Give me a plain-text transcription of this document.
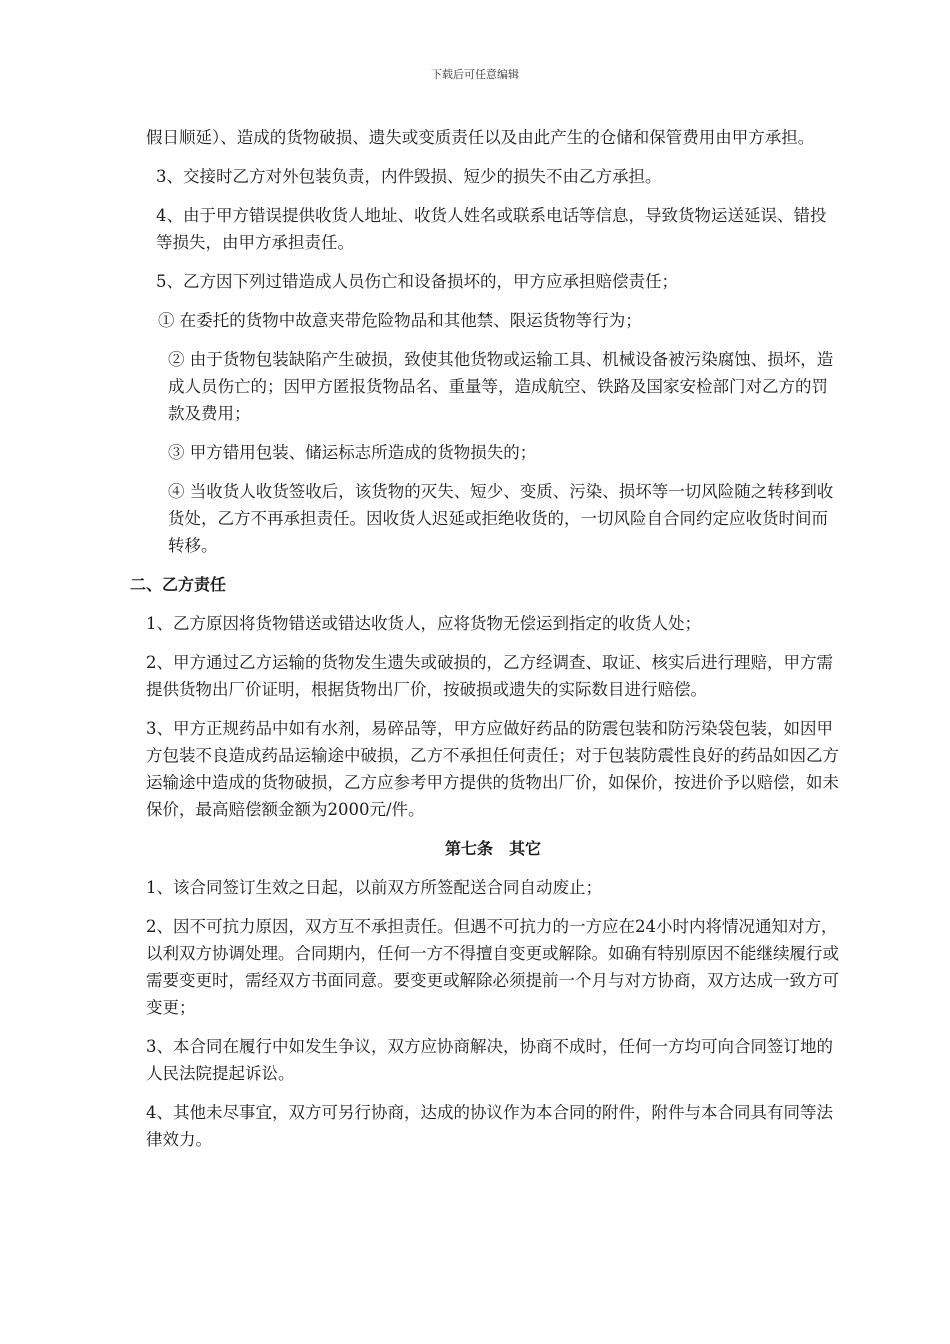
下载后可任意编辑

假日顺延）、造成的货物破损、遗失或变质责任以及由此产生的仓储和保管费用由甲方承担。

3、交接时乙方对外包装负责，内件毁损、短少的损失不由乙方承担。

4、由于甲方错误提供收货人地址、收货人姓名或联系电话等信息，导致货物运送延误、错投等损失，由甲方承担责任。

5、乙方因下列过错造成人员伤亡和设备损坏的，甲方应承担赔偿责任；

① 在委托的货物中故意夹带危险物品和其他禁、限运货物等行为；

② 由于货物包装缺陷产生破损，致使其他货物或运输工具、机械设备被污染腐蚀、损坏，造成人员伤亡的；因甲方匿报货物品名、重量等，造成航空、铁路及国家安检部门对乙方的罚款及费用；

③ 甲方错用包装、储运标志所造成的货物损失的；

④ 当收货人收货签收后，该货物的灭失、短少、变质、污染、损坏等一切风险随之转移到收货处，乙方不再承担责任。因收货人迟延或拒绝收货的，一切风险自合同约定应收货时间而转移。

二、乙方责任

1、乙方原因将货物错送或错达收货人，应将货物无偿运到指定的收货人处；

2、甲方通过乙方运输的货物发生遗失或破损的，乙方经调查、取证、核实后进行理赔，甲方需提供货物出厂价证明，根据货物出厂价，按破损或遗失的实际数目进行赔偿。

3、甲方正规药品中如有水剂，易碎品等，甲方应做好药品的防震包装和防污染袋包装，如因甲方包装不良造成药品运输途中破损，乙方不承担任何责任；对于包装防震性良好的药品如因乙方运输途中造成的货物破损，乙方应参考甲方提供的货物出厂价，如保价，按进价予以赔偿，如未保价，最高赔偿额金额为2000元/件。

第七条　其它

1、该合同签订生效之日起，以前双方所签配送合同自动废止；

2、因不可抗力原因，双方互不承担责任。但遇不可抗力的一方应在24小时内将情况通知对方，以利双方协调处理。合同期内，任何一方不得擅自变更或解除。如确有特别原因不能继续履行或需要变更时，需经双方书面同意。要变更或解除必须提前一个月与对方协商，双方达成一致方可变更；

3、本合同在履行中如发生争议，双方应协商解决，协商不成时，任何一方均可向合同签订地的人民法院提起诉讼。

4、其他未尽事宜，双方可另行协商，达成的协议作为本合同的附件，附件与本合同具有同等法律效力。
